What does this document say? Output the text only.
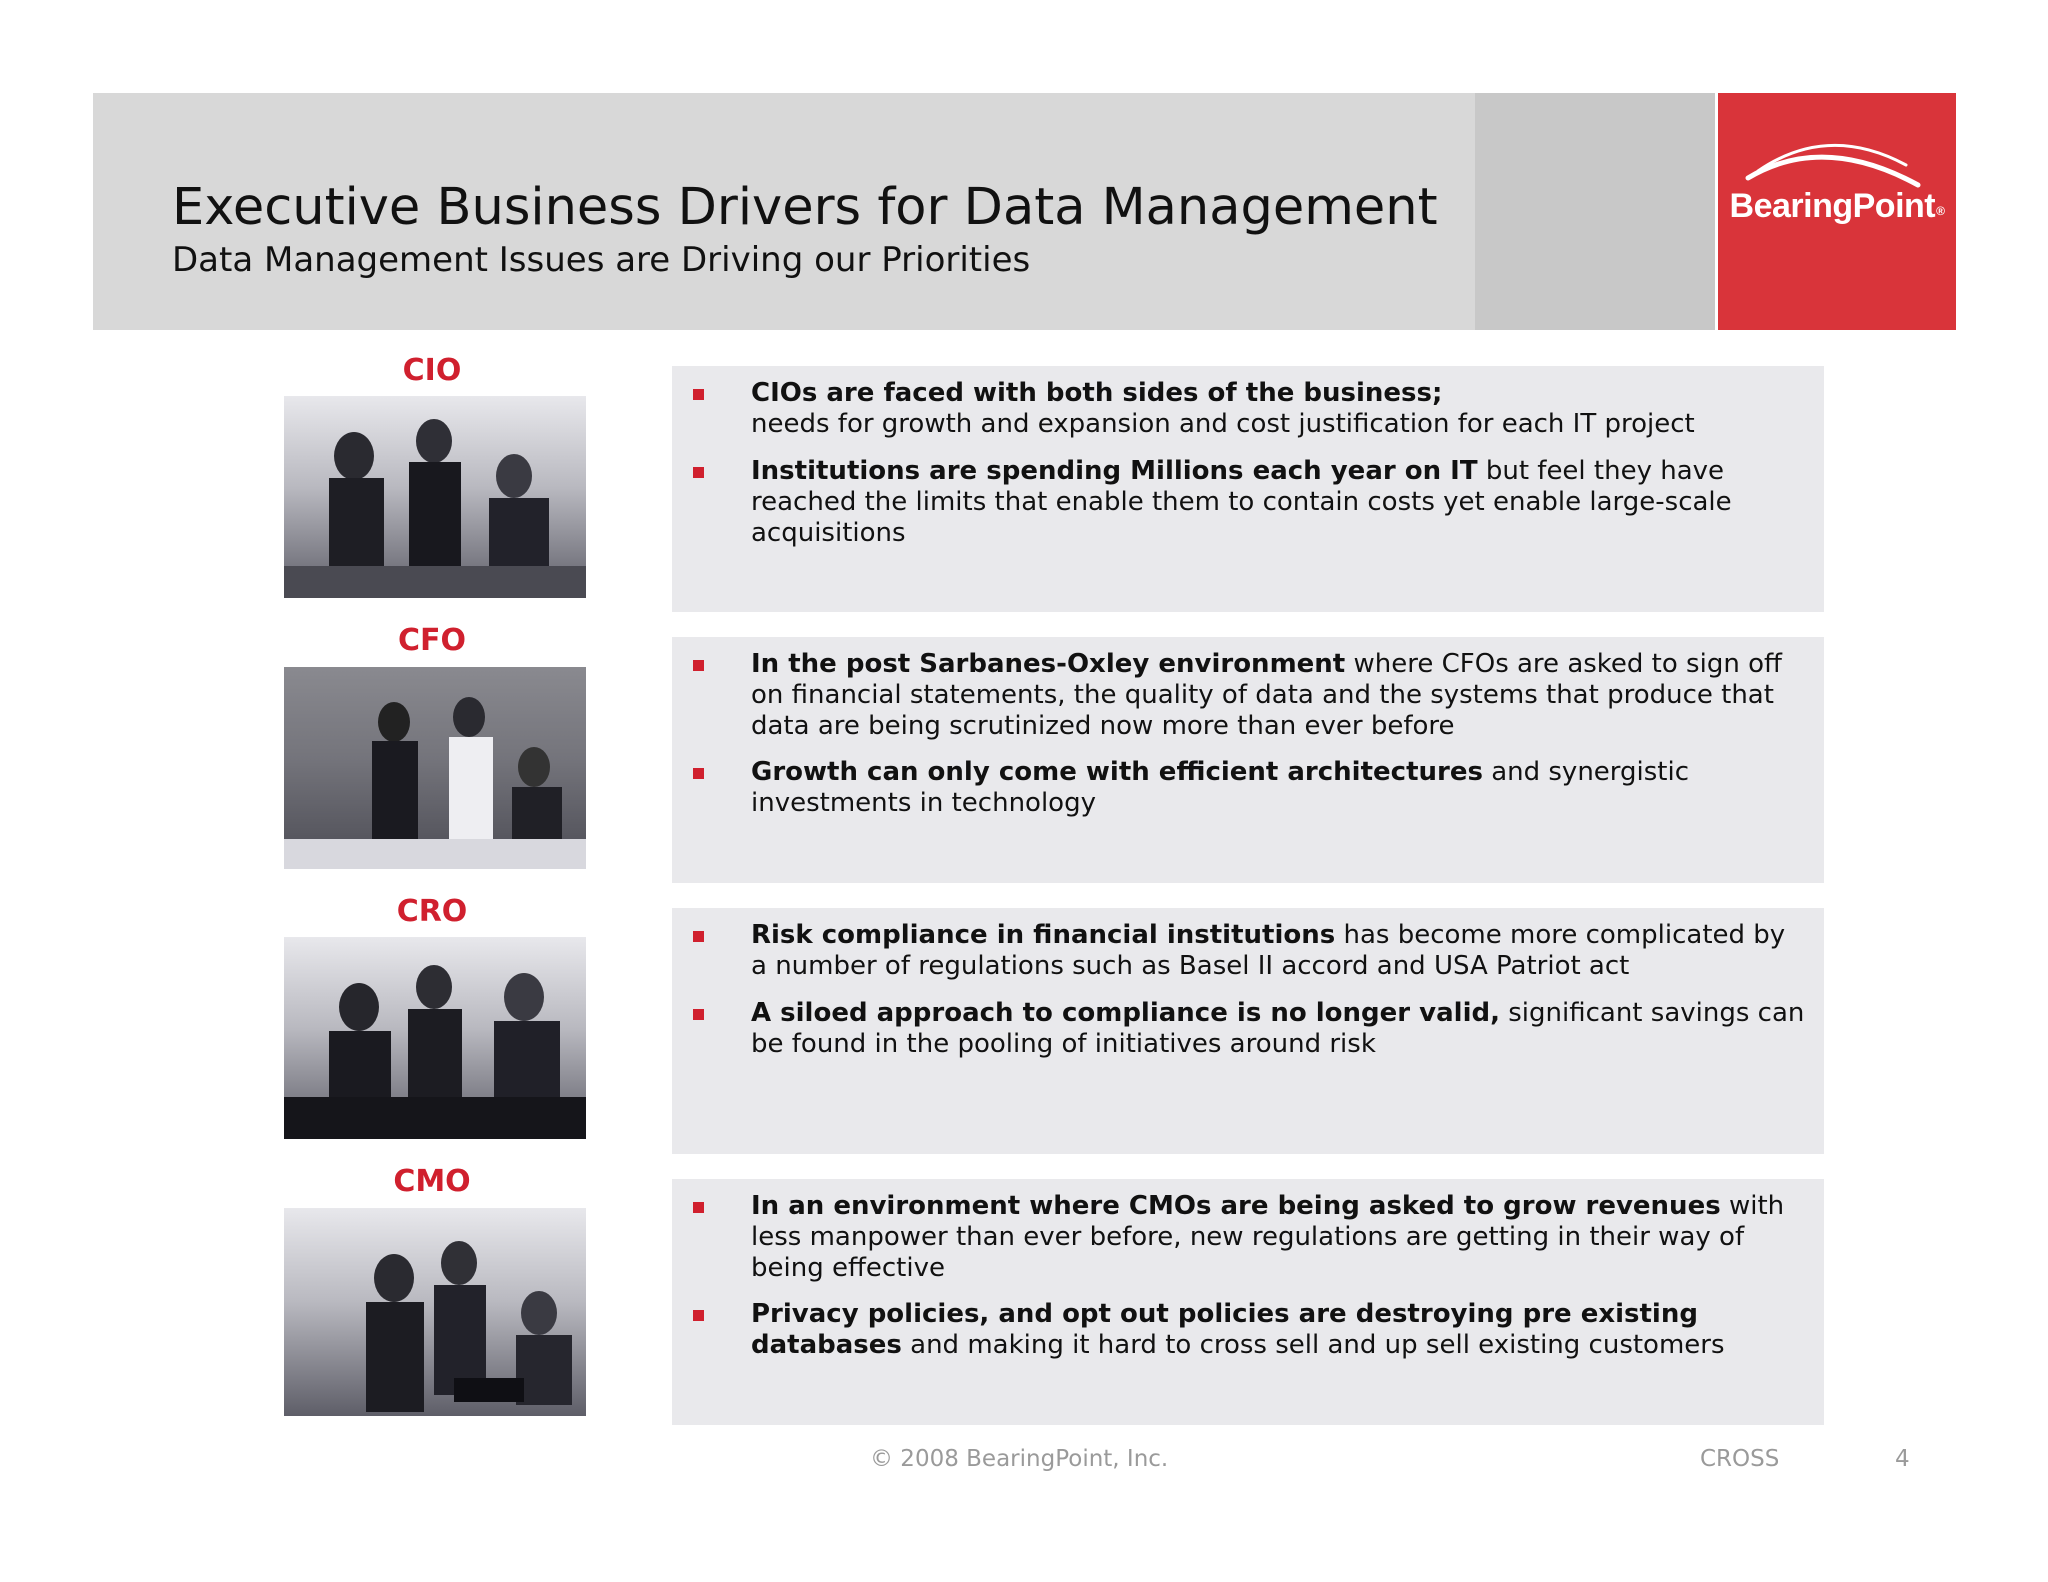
Executive Business Drivers for Data Management
Data Management Issues are Driving our Priorities
BearingPoint®
CIO
CIOs are faced with both sides of the business;
needs for growth and expansion and cost justification for each IT project
Institutions are spending Millions each year on IT but feel they have reached the limits that enable them to contain costs yet enable large-scale acquisitions
CFO
In the post Sarbanes-Oxley environment where CFOs are asked to sign off on financial statements, the quality of data and the systems that produce that data are being scrutinized now more than ever before
Growth can only come with efficient architectures and synergistic investments in technology
CRO
Risk compliance in financial institutions has become more complicated by a number of regulations such as Basel II accord and USA Patriot act
A siloed approach to compliance is no longer valid, significant savings can be found in the pooling of initiatives around risk
CMO
In an environment where CMOs are being asked to grow revenues with less manpower than ever before, new regulations are getting in their way of being effective
Privacy policies, and opt out policies are destroying pre existing databases and making it hard to cross sell and up sell existing customers
© 2008 BearingPoint, Inc.	CROSS	4
